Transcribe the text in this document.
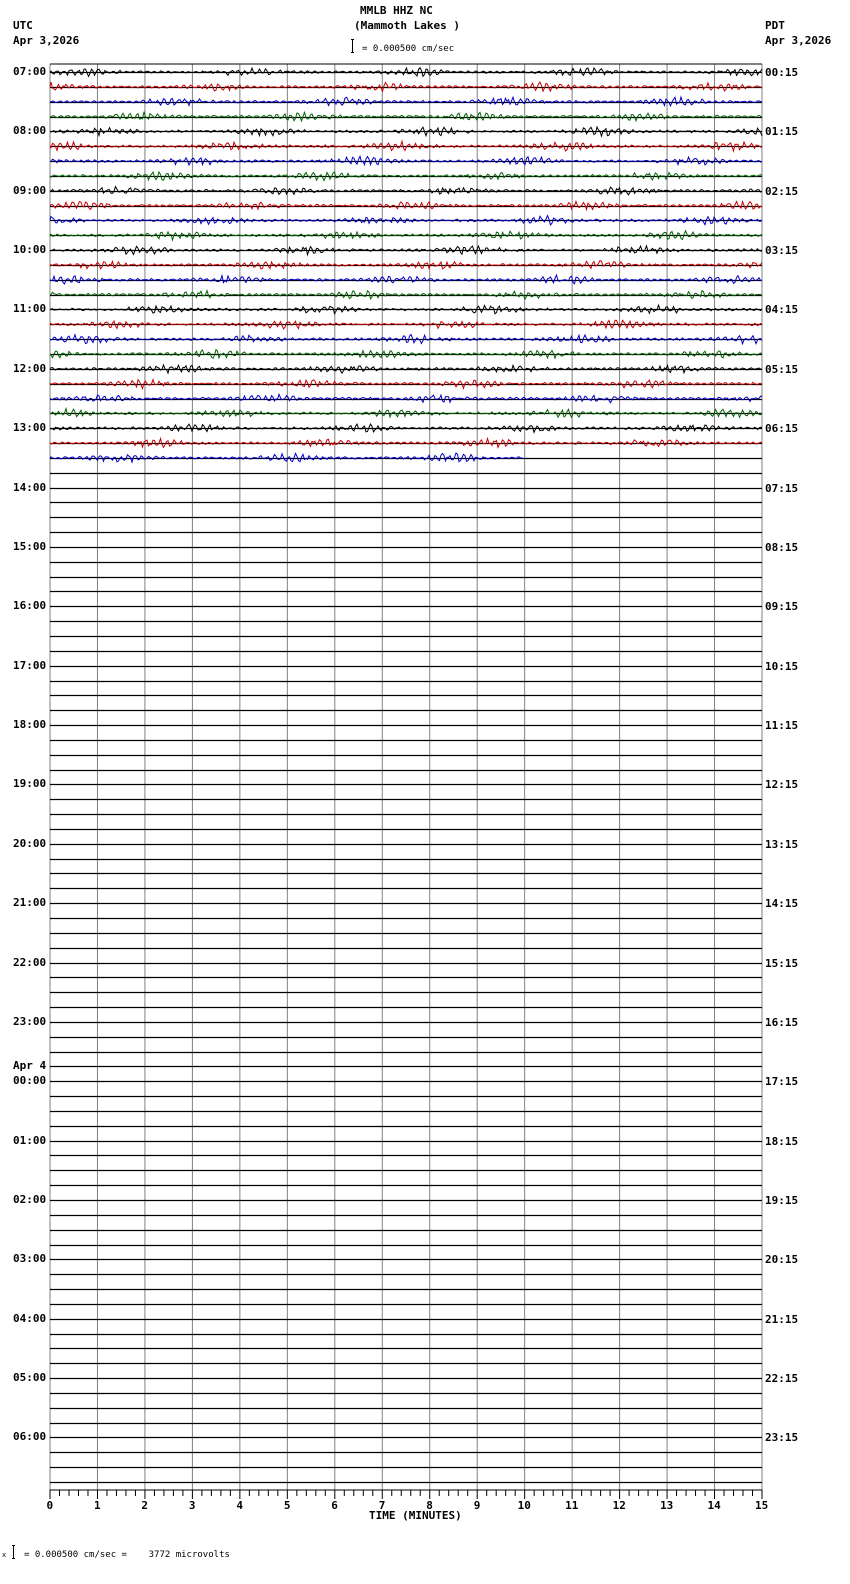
MMLB HHZ NC
(Mammoth Lakes )
= 0.000500 cm/sec
UTC
Apr 3,2026
PDT
Apr 3,2026
07:00
08:00
09:00
10:00
11:00
12:00
13:00
14:00
15:00
16:00
17:00
18:00
19:00
20:00
21:00
22:00
23:00
00:00
Apr 4
01:00
02:00
03:00
04:00
05:00
06:00
00:15
01:15
02:15
03:15
04:15
05:15
06:15
07:15
08:15
09:15
10:15
11:15
12:15
13:15
14:15
15:15
16:15
17:15
18:15
19:15
20:15
21:15
22:15
23:15
0	1	2	3	4	5	6	7	8	9	10	11	12	13	14	15
TIME (MINUTES)
x = 0.000500 cm/sec =    3772 microvolts
